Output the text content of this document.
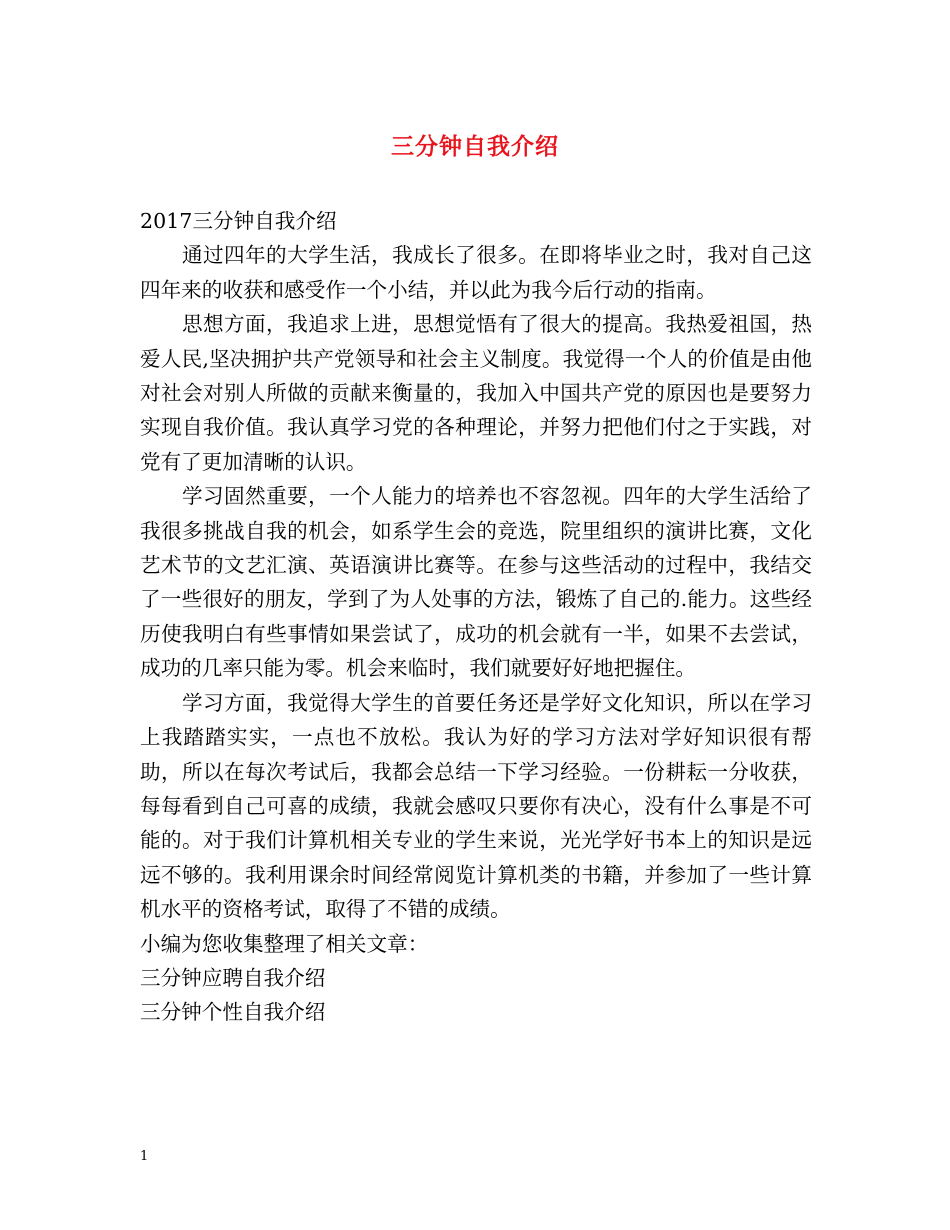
三分钟自我介绍

2017三分钟自我介绍

通过四年的大学生活，我成长了很多。在即将毕业之时，我对自己这四年来的收获和感受作一个小结，并以此为我今后行动的指南。

思想方面，我追求上进，思想觉悟有了很大的提高。我热爱祖国，热爱人民,坚决拥护共产党领导和社会主义制度。我觉得一个人的价值是由他对社会对别人所做的贡献来衡量的，我加入中国共产党的原因也是要努力实现自我价值。我认真学习党的各种理论，并努力把他们付之于实践，对党有了更加清晰的认识。

学习固然重要，一个人能力的培养也不容忽视。四年的大学生活给了我很多挑战自我的机会，如系学生会的竞选，院里组织的演讲比赛，文化艺术节的文艺汇演、英语演讲比赛等。在参与这些活动的过程中，我结交了一些很好的朋友，学到了为人处事的方法，锻炼了自己的.能力。这些经历使我明白有些事情如果尝试了，成功的机会就有一半，如果不去尝试，成功的几率只能为零。机会来临时，我们就要好好地把握住。

学习方面，我觉得大学生的首要任务还是学好文化知识，所以在学习上我踏踏实实，一点也不放松。我认为好的学习方法对学好知识很有帮助，所以在每次考试后，我都会总结一下学习经验。一份耕耘一分收获，每每看到自己可喜的成绩，我就会感叹只要你有决心，没有什么事是不可能的。对于我们计算机相关专业的学生来说，光光学好书本上的知识是远远不够的。我利用课余时间经常阅览计算机类的书籍，并参加了一些计算机水平的资格考试，取得了不错的成绩。

小编为您收集整理了相关文章：

三分钟应聘自我介绍

三分钟个性自我介绍

1
